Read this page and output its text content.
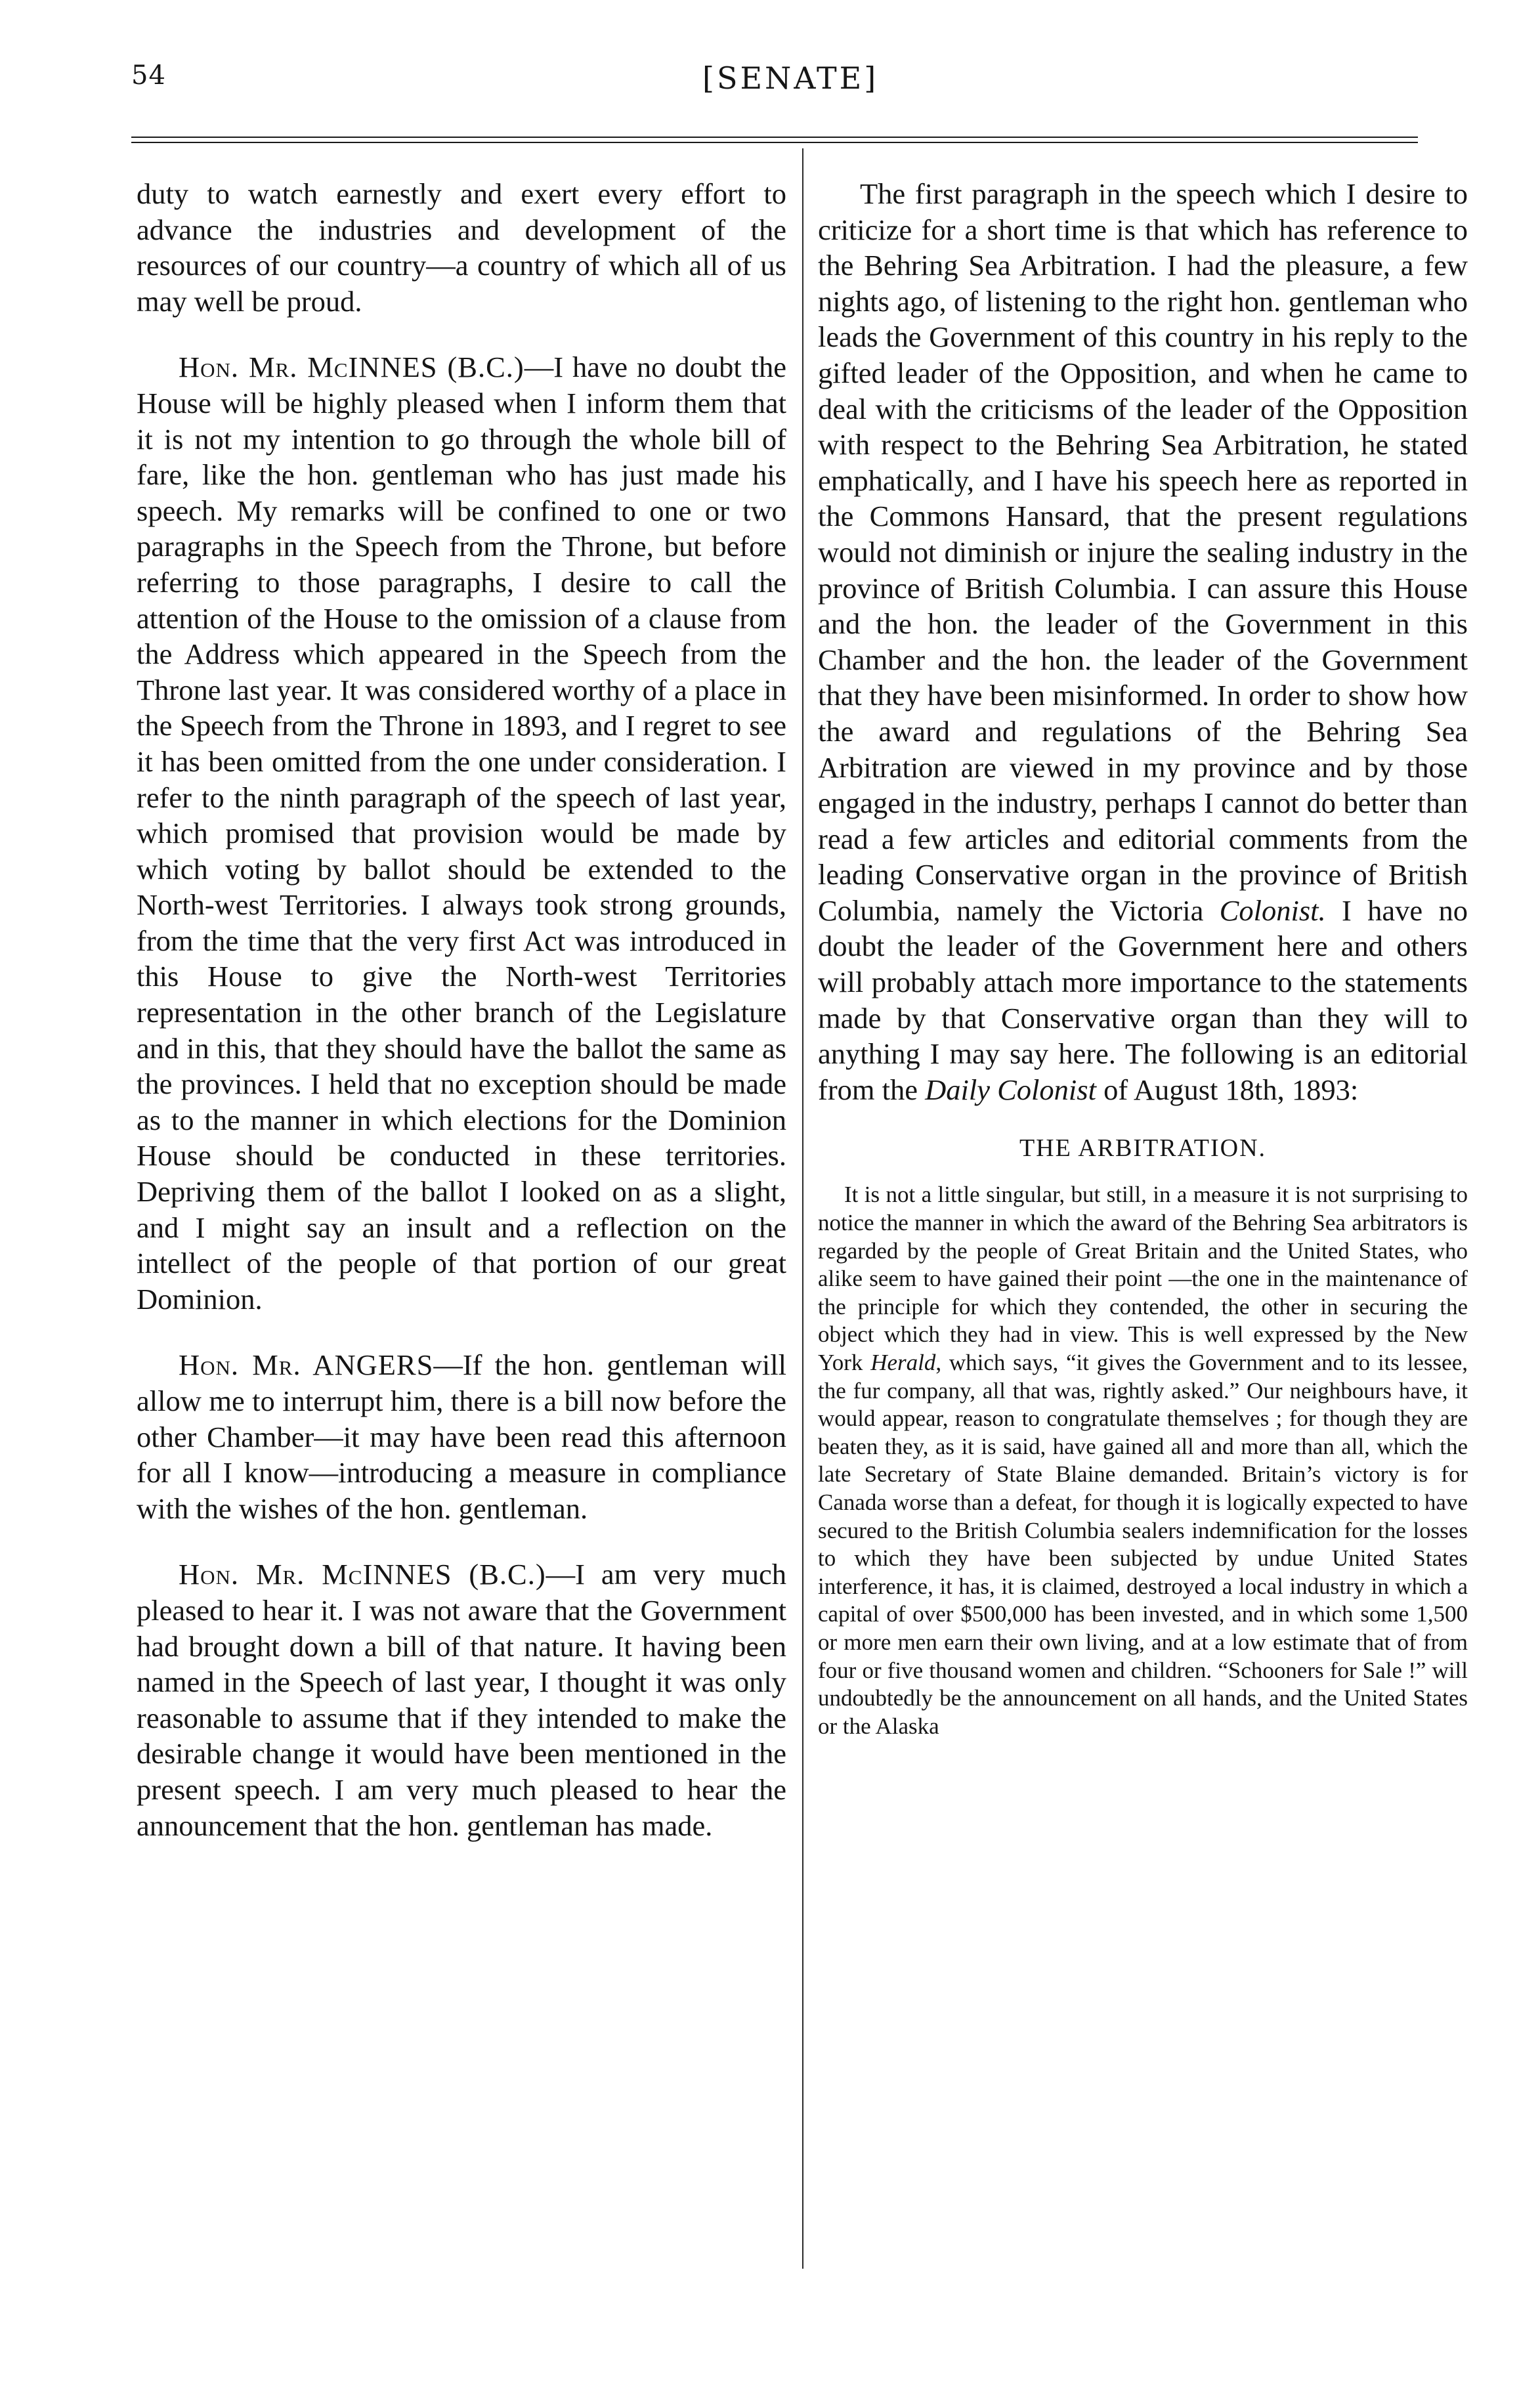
54	[SENATE]

duty to watch earnestly and exert every effort to advance the industries and development of the resources of our country—a country of which all of us may well be proud.

Hon. Mr. McINNES (B.C.)—I have no doubt the House will be highly pleased when I inform them that it is not my intention to go through the whole bill of fare, like the hon. gentleman who has just made his speech. My remarks will be confined to one or two paragraphs in the Speech from the Throne, but before referring to those paragraphs, I desire to call the attention of the House to the omission of a clause from the Address which appeared in the Speech from the Throne last year. It was considered worthy of a place in the Speech from the Throne in 1893, and I regret to see it has been omitted from the one under consideration. I refer to the ninth paragraph of the speech of last year, which promised that provision would be made by which voting by ballot should be extended to the North-west Territories. I always took strong grounds, from the time that the very first Act was introduced in this House to give the North-west Territories representation in the other branch of the Legislature and in this, that they should have the ballot the same as the provinces. I held that no exception should be made as to the manner in which elections for the Dominion House should be conducted in these territories. Depriving them of the ballot I looked on as a slight, and I might say an insult and a reflection on the intellect of the people of that portion of our great Dominion.

Hon. Mr. ANGERS—If the hon. gentleman will allow me to interrupt him, there is a bill now before the other Chamber—it may have been read this afternoon for all I know—introducing a measure in compliance with the wishes of the hon. gentleman.

Hon. Mr. McINNES (B.C.)—I am very much pleased to hear it. I was not aware that the Government had brought down a bill of that nature. It having been named in the Speech of last year, I thought it was only reasonable to assume that if they intended to make the desirable change it would have been mentioned in the present speech. I am very much pleased to hear the announcement that the hon. gentleman has made.

The first paragraph in the speech which I desire to criticize for a short time is that which has reference to the Behring Sea Arbitration. I had the pleasure, a few nights ago, of listening to the right hon. gentleman who leads the Government of this country in his reply to the gifted leader of the Opposition, and when he came to deal with the criticisms of the leader of the Opposition with respect to the Behring Sea Arbitration, he stated emphatically, and I have his speech here as reported in the Commons Hansard, that the present regulations would not diminish or injure the sealing industry in the province of British Columbia. I can assure this House and the hon. the leader of the Government in this Chamber and the hon. the leader of the Government that they have been misinformed. In order to show how the award and regulations of the Behring Sea Arbitration are viewed in my province and by those engaged in the industry, perhaps I cannot do better than read a few articles and editorial comments from the leading Conservative organ in the province of British Columbia, namely the Victoria Colonist. I have no doubt the leader of the Government here and others will probably attach more importance to the statements made by that Conservative organ than they will to anything I may say here. The following is an editorial from the Daily Colonist of August 18th, 1893:

THE ARBITRATION.

It is not a little singular, but still, in a measure it is not surprising to notice the manner in which the award of the Behring Sea arbitrators is regarded by the people of Great Britain and the United States, who alike seem to have gained their point —the one in the maintenance of the principle for which they contended, the other in securing the object which they had in view. This is well expressed by the New York Herald, which says, “it gives the Government and to its lessee, the fur company, all that was, rightly asked.” Our neighbours have, it would appear, reason to congratulate themselves ; for though they are beaten they, as it is said, have gained all and more than all, which the late Secretary of State Blaine demanded. Britain’s victory is for Canada worse than a defeat, for though it is logically expected to have secured to the British Columbia sealers indemnification for the losses to which they have been subjected by undue United States interference, it has, it is claimed, destroyed a local industry in which a capital of over $500,000 has been invested, and in which some 1,500 or more men earn their own living, and at a low estimate that of from four or five thousand women and children. “Schooners for Sale !” will undoubtedly be the announcement on all hands, and the United States or the Alaska
